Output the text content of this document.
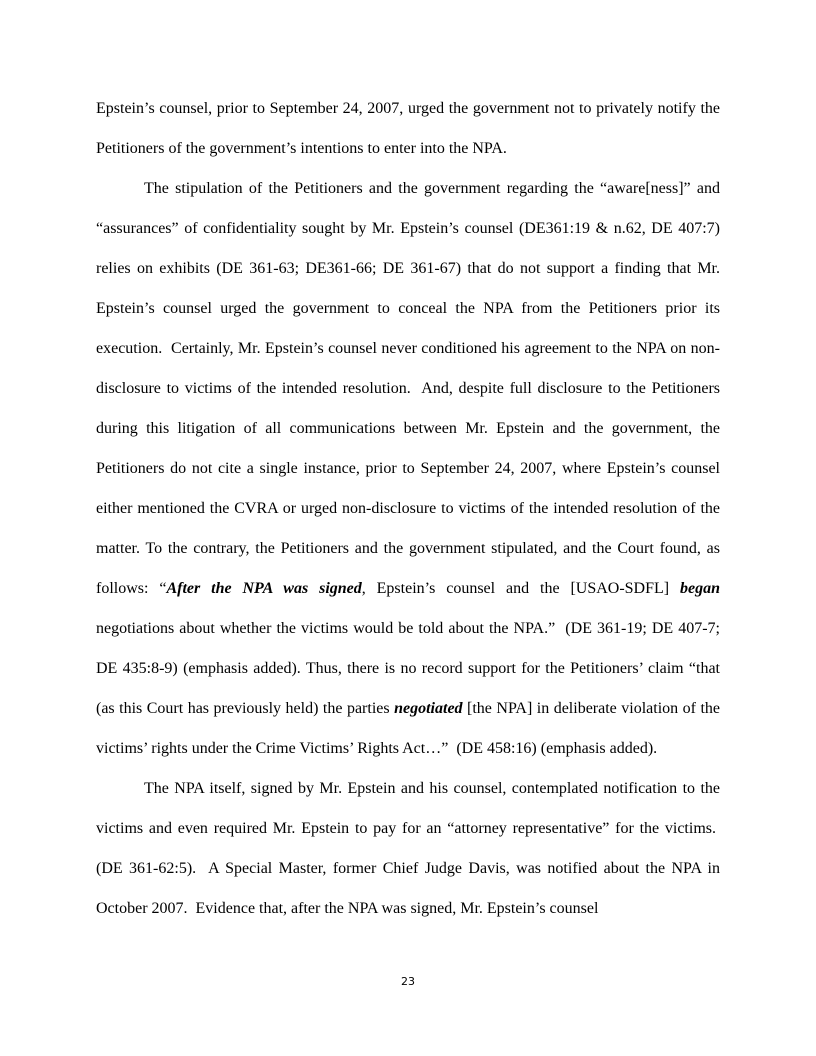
Epstein’s counsel, prior to September 24, 2007, urged the government not to privately notify the Petitioners of the government’s intentions to enter into the NPA.

The stipulation of the Petitioners and the government regarding the “aware[ness]” and “assurances” of confidentiality sought by Mr. Epstein’s counsel (DE361:19 & n.62, DE 407:7) relies on exhibits (DE 361-63; DE361-66; DE 361-67) that do not support a finding that Mr. Epstein’s counsel urged the government to conceal the NPA from the Petitioners prior its execution.  Certainly, Mr. Epstein’s counsel never conditioned his agreement to the NPA on non-disclosure to victims of the intended resolution.  And, despite full disclosure to the Petitioners during this litigation of all communications between Mr. Epstein and the government, the Petitioners do not cite a single instance, prior to September 24, 2007, where Epstein’s counsel either mentioned the CVRA or urged non-disclosure to victims of the intended resolution of the matter. To the contrary, the Petitioners and the government stipulated, and the Court found, as follows: “After the NPA was signed, Epstein’s counsel and the [USAO-SDFL] began negotiations about whether the victims would be told about the NPA.”  (DE 361-19; DE 407-7; DE 435:8-9) (emphasis added). Thus, there is no record support for the Petitioners’ claim “that (as this Court has previously held) the parties negotiated [the NPA] in deliberate violation of the victims’ rights under the Crime Victims’ Rights Act…”  (DE 458:16) (emphasis added).

The NPA itself, signed by Mr. Epstein and his counsel, contemplated notification to the victims and even required Mr. Epstein to pay for an “attorney representative” for the victims.  (DE 361-62:5).  A Special Master, former Chief Judge Davis, was notified about the NPA in October 2007.  Evidence that, after the NPA was signed, Mr. Epstein’s counsel

23
